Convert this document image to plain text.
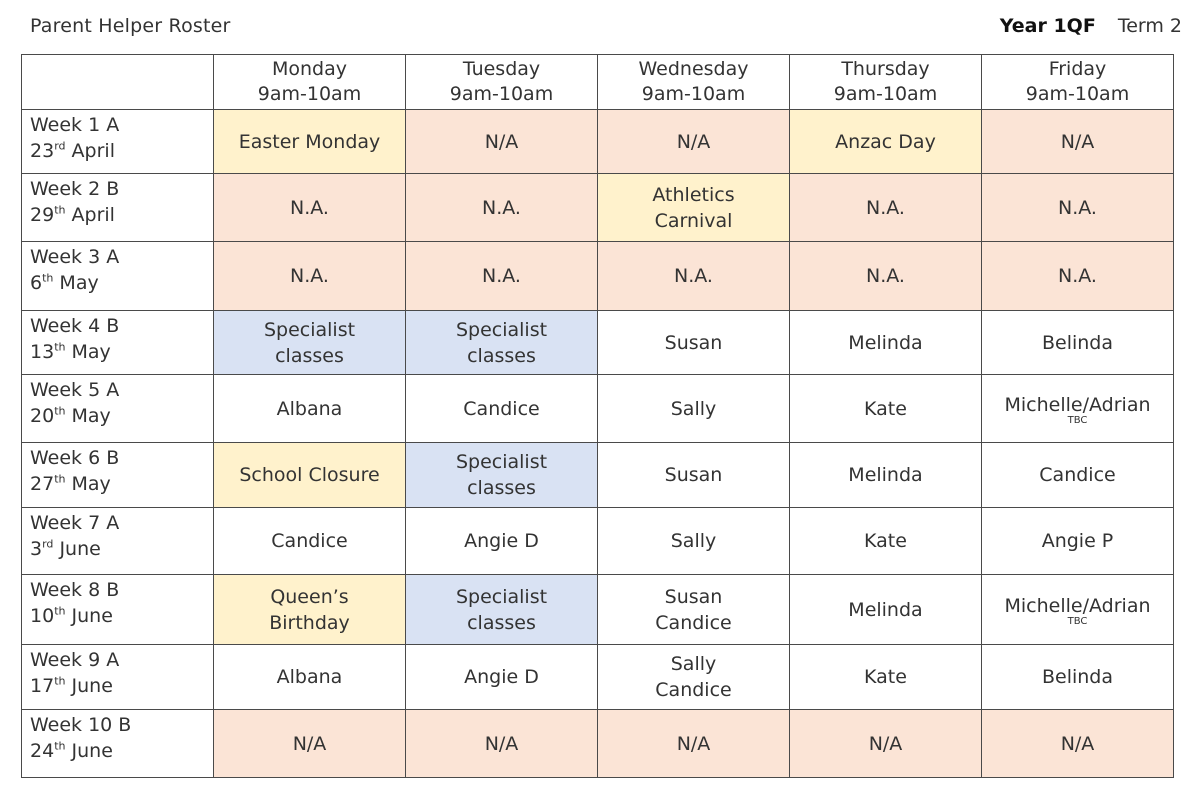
Parent Helper Roster	Year 1QF Term 2
	Monday
9am-10am	Tuesday
9am-10am	Wednesday
9am-10am	Thursday
9am-10am	Friday
9am-10am
Week 1 A
23rd April	Easter Monday	N/A	N/A	Anzac Day	N/A
Week 2 B
29th April	N.A.	N.A.	Athletics
Carnival	N.A.	N.A.
Week 3 A
6th May	N.A.	N.A.	N.A.	N.A.	N.A.
Week 4 B
13th May	Specialist
classes	Specialist
classes	Susan	Melinda	Belinda
Week 5 A
20th May	Albana	Candice	Sally	Kate	Michelle/Adrian
TBC

Week 6 B
27th May	School Closure	Specialist
classes	Susan	Melinda	Candice
Week 7 A
3rd June	Candice	Angie D	Sally	Kate	Angie P
Week 8 B
10th June	Queen’s
Birthday	Specialist
classes	Susan
Candice	Melinda	Michelle/Adrian
TBC

Week 9 A
17th June	Albana	Angie D	Sally
Candice	Kate	Belinda
Week 10 B
24th June	N/A	N/A	N/A	N/A	N/A
